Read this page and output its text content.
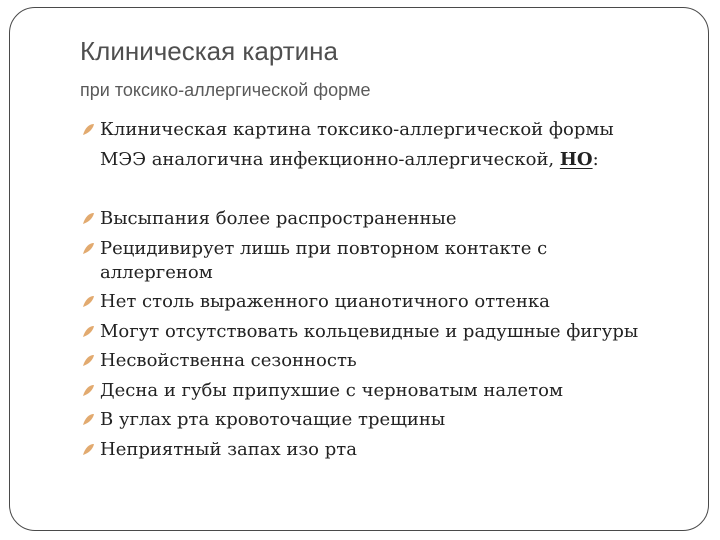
Клиническая картина
при токсико-аллергической форме
Клиническая картина токсико-аллергической формы
МЭЭ аналогична инфекционно-аллергической, НО:
Высыпания более распространенные
Рецидивирует лишь при повторном контакте с
аллергеном
Нет столь выраженного цианотичного оттенка
Могут отсутствовать кольцевидные и радушные фигуры
Несвойственна сезонность
Десна и губы припухшие с черноватым налетом
В углах рта кровоточащие трещины
Неприятный запах изо рта
